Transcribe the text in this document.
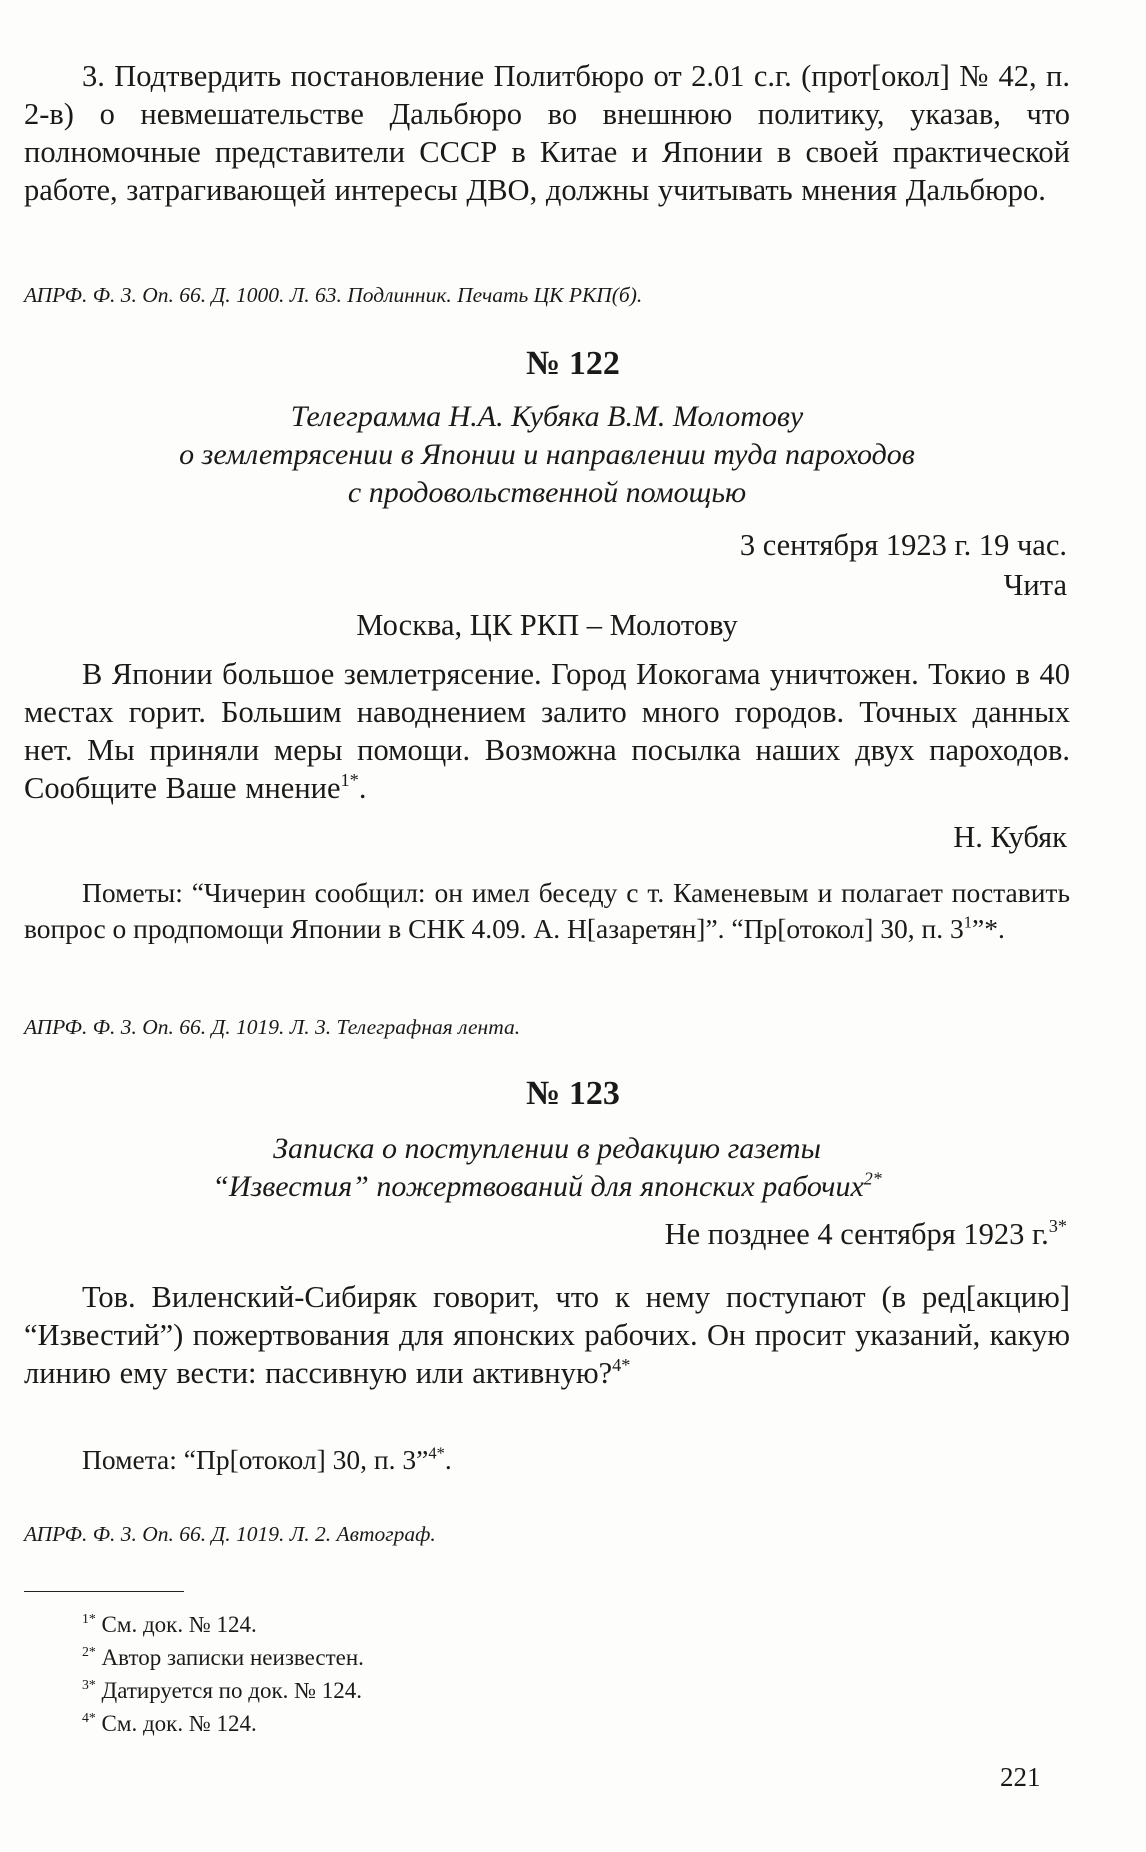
3. Подтвердить постановление Политбюро от 2.01 с.г. (прот[окол] № 42, п. 2-в) о невмешательстве Дальбюро во внешнюю политику, указав, что полномочные представители СССР в Китае и Японии в своей практической работе, затрагивающей интересы ДВО, должны учитывать мнения Дальбюро.

АПРФ. Ф. 3. Оп. 66. Д. 1000. Л. 63. Подлинник. Печать ЦК РКП(б).

№ 122

Телеграмма Н.А. Кубяка В.М. Молотову
о землетрясении в Японии и направлении туда пароходов
с продовольственной помощью

3 сентября 1923 г. 19 час.

Чита

Москва, ЦК РКП – Молотову

В Японии большое землетрясение. Город Иокогама уничтожен. Токио в 40 местах горит. Большим наводнением залито много городов. Точных данных нет. Мы приняли меры помощи. Возможна посылка наших двух пароходов. Сообщите Ваше мнение$^{1*}$.

Н. Кубяк

Пометы: “Чичерин сообщил: он имел беседу с т. Каменевым и полагает поставить вопрос о продпомощи Японии в СНК 4.09. А. Н[азаретян]”. “Пр[отокол] 30, п. $3^1”*$.

АПРФ. Ф. 3. Оп. 66. Д. 1019. Л. 3. Телеграфная лента.

№ 123

Записка о поступлении в редакцию газеты
“Известия” пожертвований для японских рабочих$^{2*}$

Не позднее 4 сентября 1923 г.$^{3*}$

Тов. Виленский-Сибиряк говорит, что к нему поступают (в ред[акцию] “Известий”) пожертвования для японских рабочих. Он просит указаний, какую линию ему вести: пассивную или активную?$^{4*}$

Помета: “Пр[отокол] 30, п. 3”$^{4*}$.

АПРФ. Ф. 3. Оп. 66. Д. 1019. Л. 2. Автограф.

$^{1*}$ См. док. № 124.
$^{2*}$ Автор записки неизвестен.
$^{3*}$ Датируется по док. № 124.
$^{4*}$ См. док. № 124.

221
